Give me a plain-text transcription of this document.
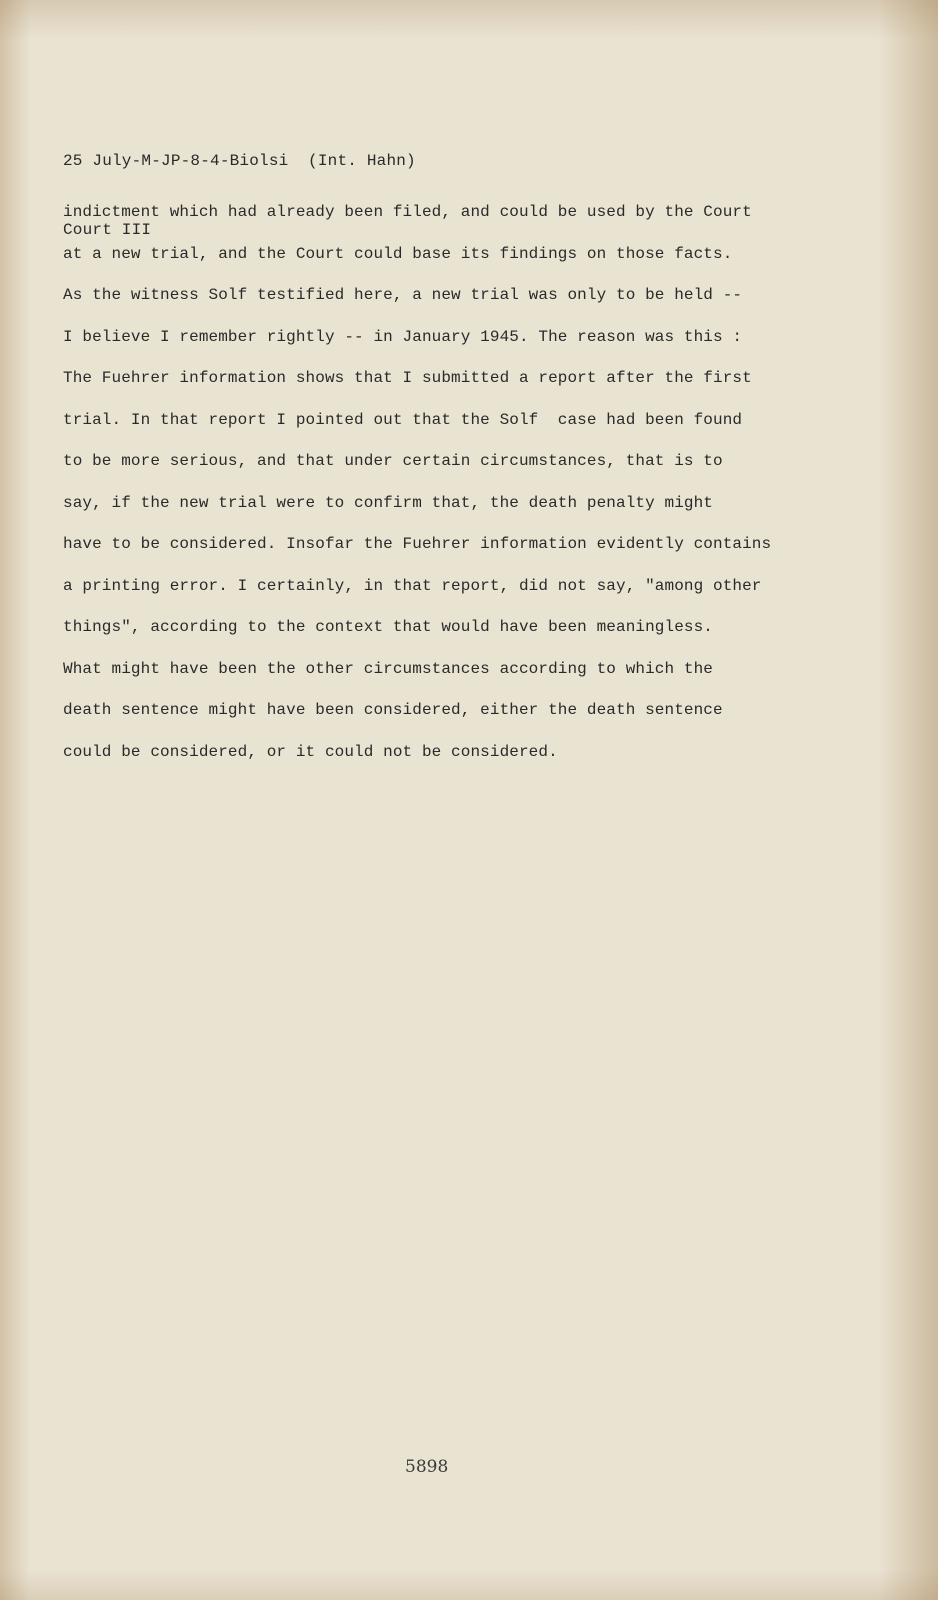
25 July-M-JP-8-4-Biolsi  (Int. Hahn)

Court III

indictment which had already been filed, and could be used by the Court
at a new trial, and the Court could base its findings on those facts.
As the witness Solf testified here, a new trial was only to be held --
I believe I remember rightly -- in January 1945. The reason was this :
The Fuehrer information shows that I submitted a report after the first
trial. In that report I pointed out that the Solf  case had been found
to be more serious, and that under certain circumstances, that is to
say, if the new trial were to confirm that, the death penalty might
have to be considered. Insofar the Fuehrer information evidently contains
a printing error. I certainly, in that report, did not say, "among other
things", according to the context that would have been meaningless.
What might have been the other circumstances according to which the
death sentence might have been considered, either the death sentence
could be considered, or it could not be considered.
5898
